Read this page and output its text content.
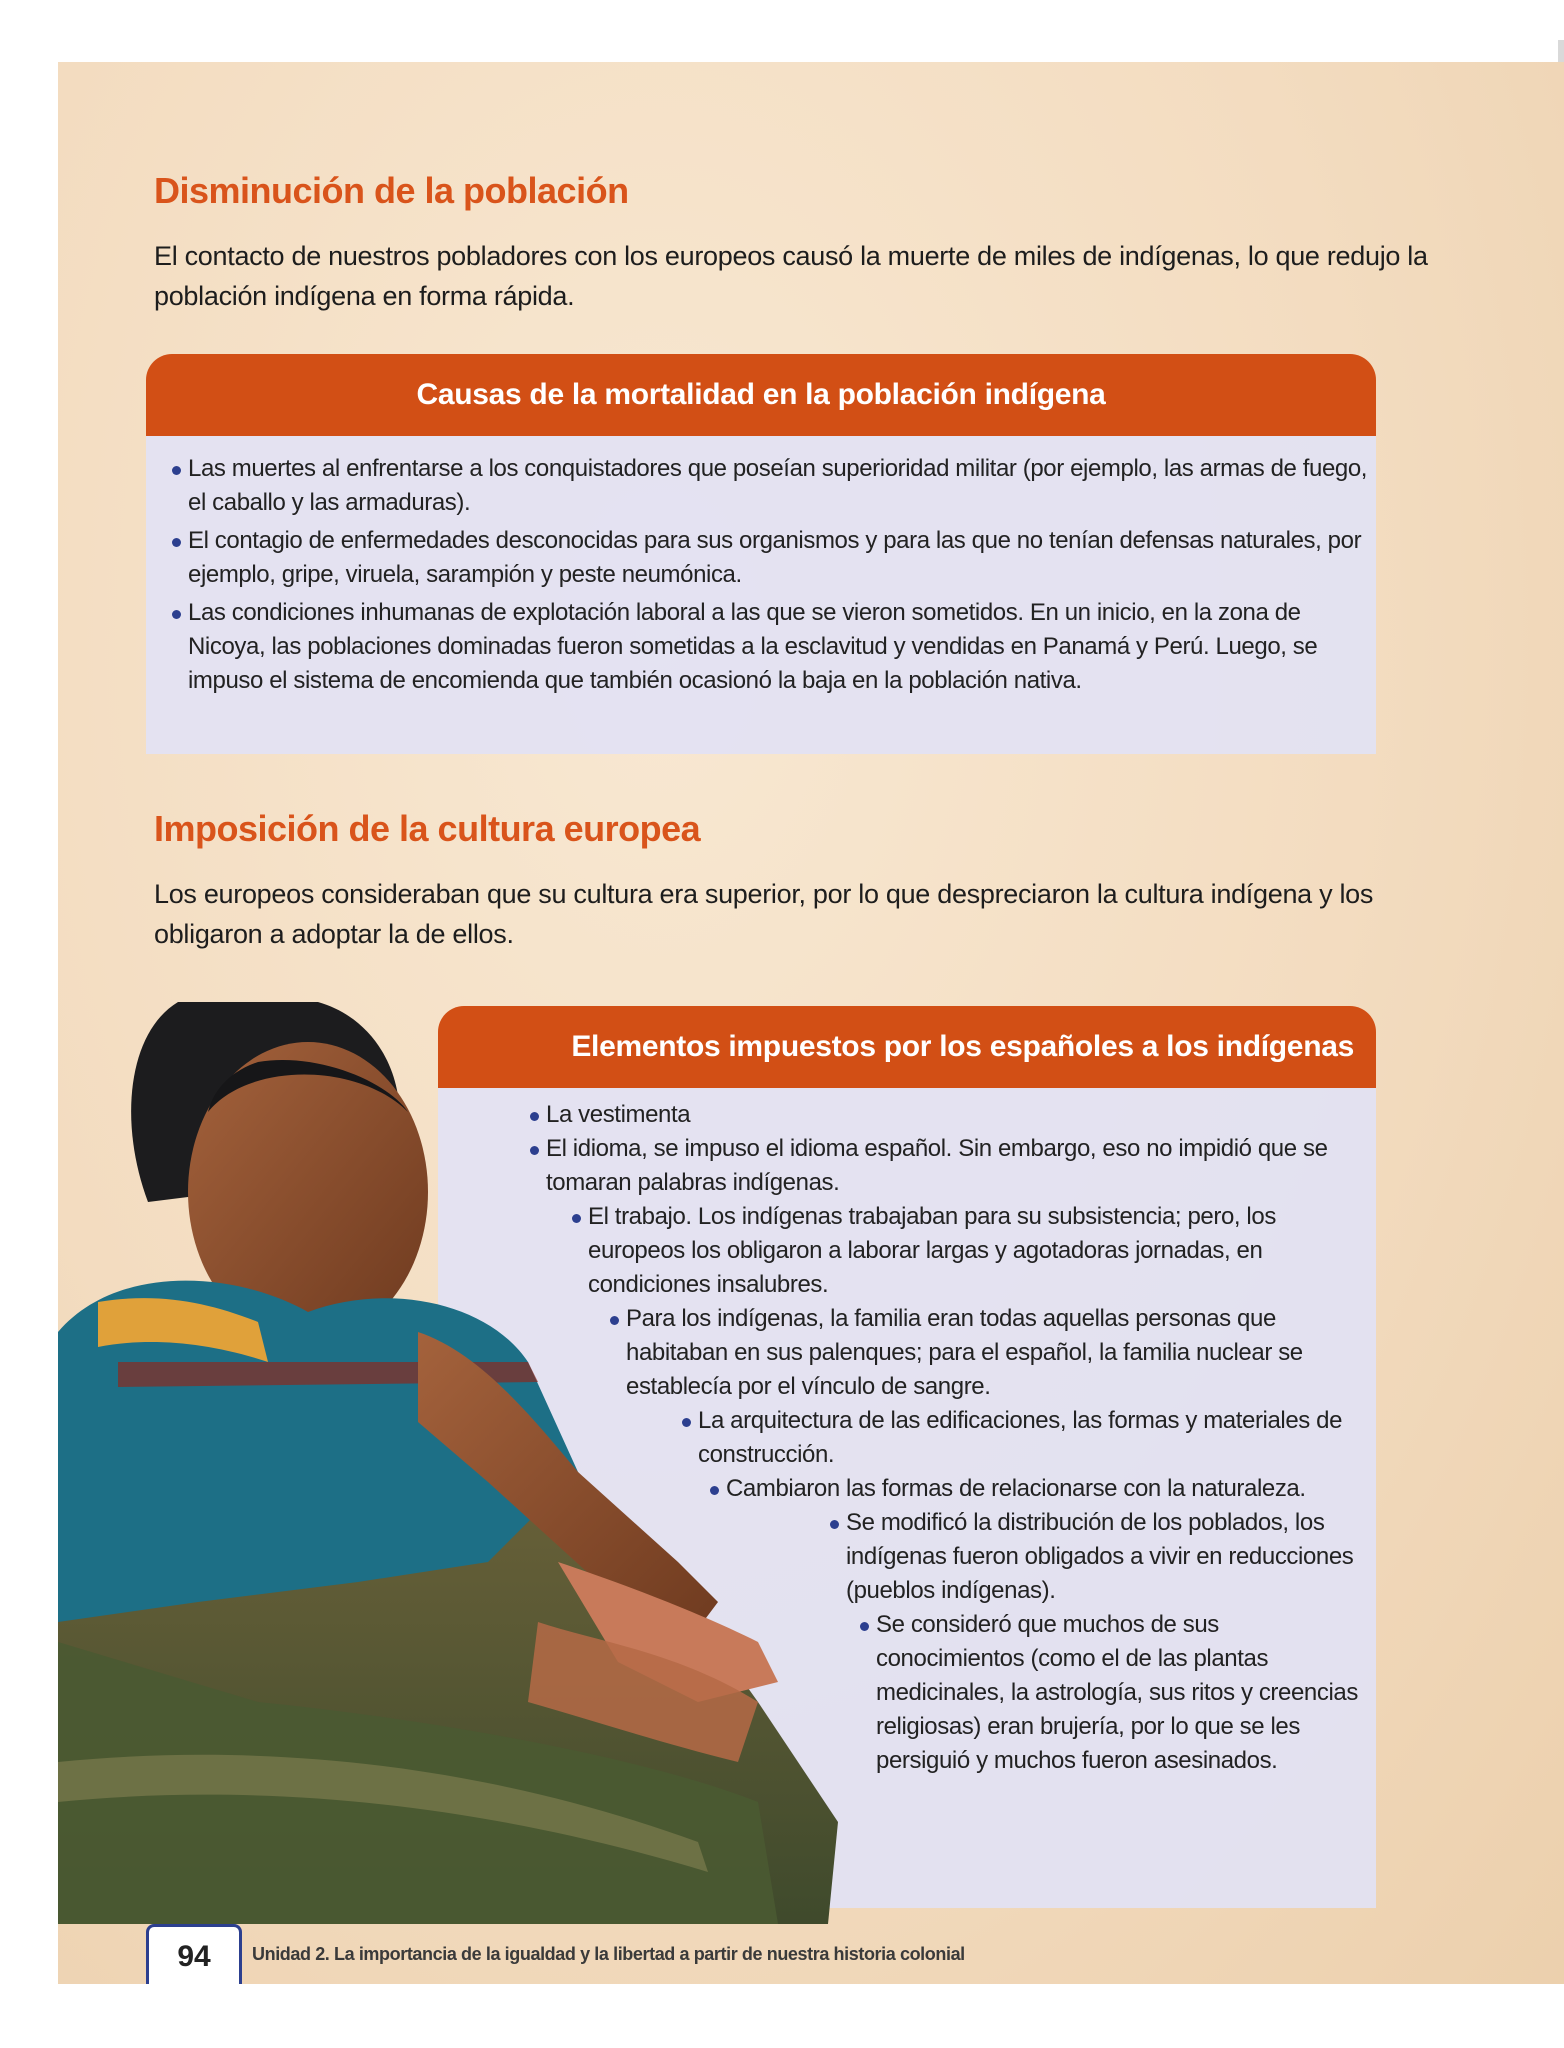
Disminución de la población

El contacto de nuestros pobladores con los europeos causó la muerte de miles de indígenas, lo que redujo la población indígena en forma rápida.

Causas de la mortalidad en la población indígena
Las muertes al enfrentarse a los conquistadores que poseían superioridad militar (por ejemplo, las armas de fuego, el caballo y las armaduras).
El contagio de enfermedades desconocidas para sus organismos y para las que no tenían defensas naturales, por ejemplo, gripe, viruela, sarampión y peste neumónica.
Las condiciones inhumanas de explotación laboral a las que se vieron sometidos. En un inicio, en la zona de Nicoya, las poblaciones dominadas fueron sometidas a la esclavitud y vendidas en Panamá y Perú. Luego, se impuso el sistema de encomienda que también ocasionó la baja en la población nativa.
Imposición de la cultura europea

Los europeos consideraban que su cultura era superior, por lo que despreciaron la cultura indígena y los obligaron a adoptar la de ellos.

Elementos impuestos por los españoles a los indígenas
La vestimenta
El idioma, se impuso el idioma español. Sin embargo, eso no impidió que se tomaran palabras indígenas.
El trabajo. Los indígenas trabajaban para su subsistencia; pero, los europeos los obligaron a laborar largas y agotadoras jornadas, en condiciones insalubres.
Para los indígenas, la familia eran todas aquellas personas que habitaban en sus palenques; para el español, la familia nuclear se establecía por el vínculo de sangre.
La arquitectura de las edificaciones, las formas y materiales de construcción.
Cambiaron las formas de relacionarse con la naturaleza.
Se modificó la distribución de los poblados, los indígenas fueron obligados a vivir en reducciones (pueblos indígenas).
Se consideró que muchos de sus conocimientos (como el de las plantas medicinales, la astrología, sus ritos y creencias religiosas) eran brujería, por lo que se les persiguió y muchos fueron asesinados.
94 Unidad 2. La importancia de la igualdad y la libertad a partir de nuestra historia colonial
